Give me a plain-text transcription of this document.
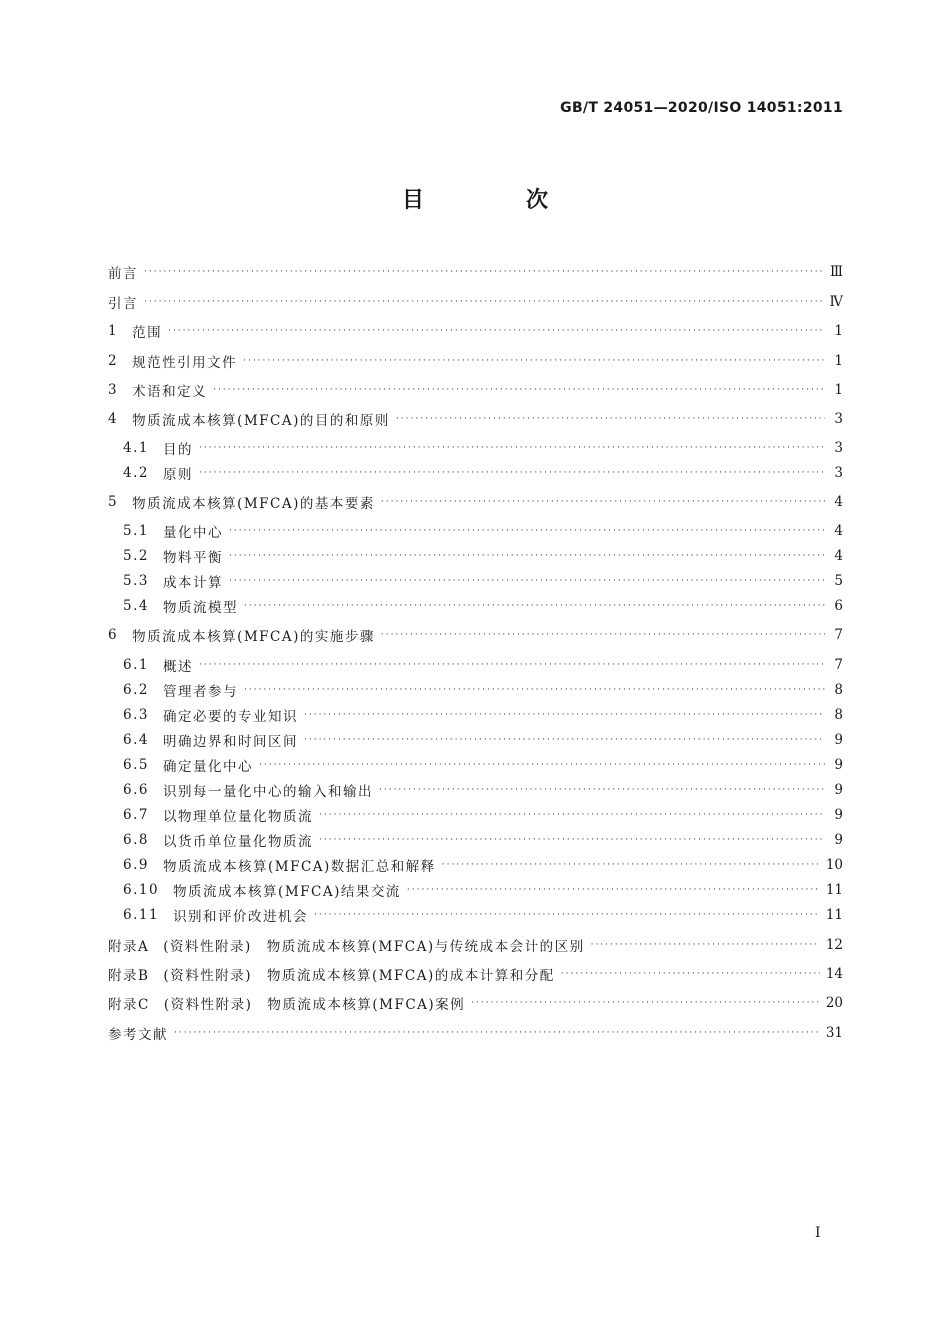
GB/T 24051—2020/ISO 14051:2011
目　次
前言 ·····	Ⅲ
引言 ·····	Ⅳ
1 范围 ·····	1
2 规范性引用文件 ·····	1
3 术语和定义 ·····	1
4 物质流成本核算(MFCA)的目的和原则 ·····	3
4.1 目的 ·····	3
4.2 原则 ·····	3
5 物质流成本核算(MFCA)的基本要素 ·····	4
5.1 量化中心 ·····	4
5.2 物料平衡 ·····	4
5.3 成本计算 ·····	5
5.4 物质流模型 ·····	6
6 物质流成本核算(MFCA)的实施步骤 ·····	7
6.1 概述 ·····	7
6.2 管理者参与 ·····	8
6.3 确定必要的专业知识 ·····	8
6.4 明确边界和时间区间 ·····	9
6.5 确定量化中心 ·····	9
6.6 识别每一量化中心的输入和输出 ·····	9
6.7 以物理单位量化物质流 ·····	9
6.8 以货币单位量化物质流 ·····	9
6.9 物质流成本核算(MFCA)数据汇总和解释 ·····	10
6.10 物质流成本核算(MFCA)结果交流 ·····	11
6.11 识别和评价改进机会 ·····	11
附录A (资料性附录)　物质流成本核算(MFCA)与传统成本会计的区别 ·····	12
附录B (资料性附录)　物质流成本核算(MFCA)的成本计算和分配 ·····	14
附录C (资料性附录)　物质流成本核算(MFCA)案例 ·····	20
参考文献 ·····	31
Ⅰ
